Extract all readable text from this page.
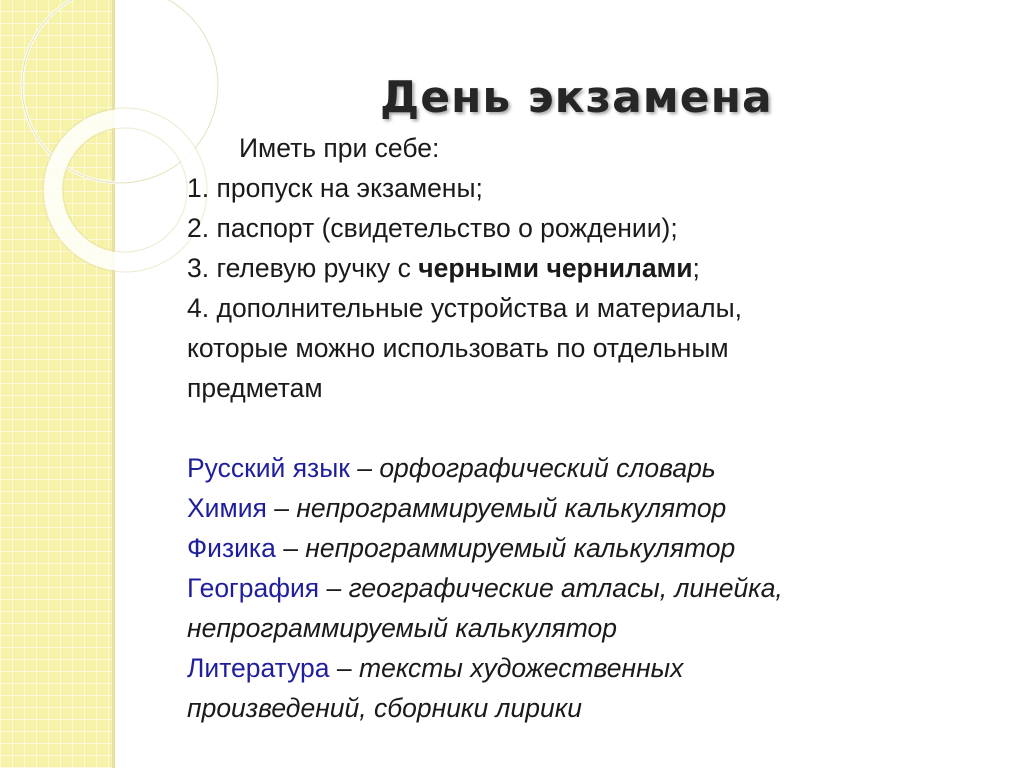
День экзамена
Иметь при себе:
1. пропуск на экзамены;
2. паспорт (свидетельство о рождении);
3. гелевую ручку с черными чернилами;
4. дополнительные устройства и материалы,
которые можно использовать по отдельным
предметам
Русский язык – орфографический словарь
Химия – непрограммируемый калькулятор
Физика – непрограммируемый калькулятор
География – географические атласы, линейка,
непрограммируемый калькулятор
Литература – тексты художественных
произведений, сборники лирики
